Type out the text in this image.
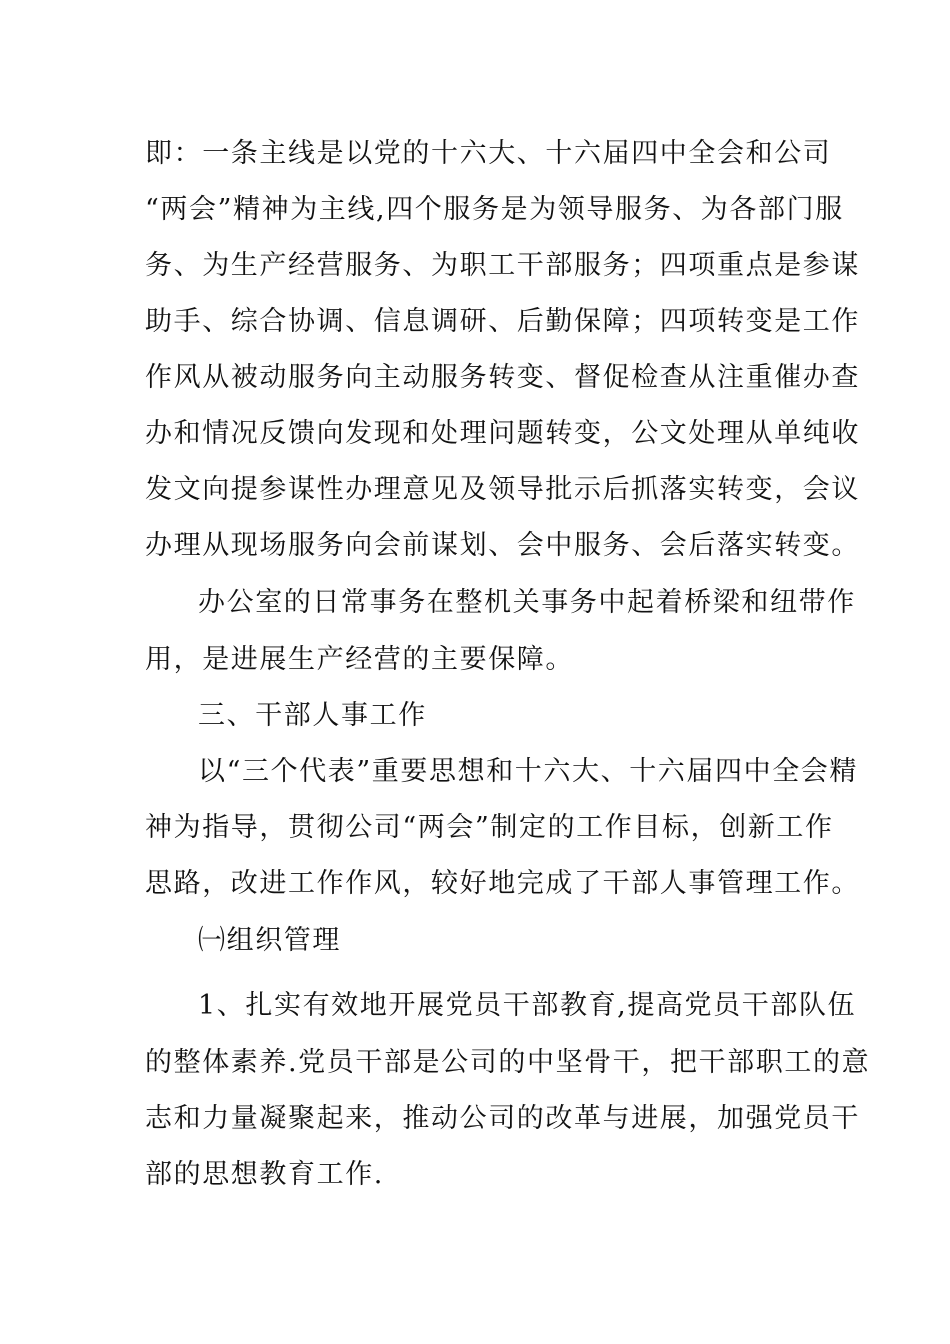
即：一条主线是以党的十六大、十六届四中全会和公司
“两会”精神为主线,四个服务是为领导服务、为各部门服
务、为生产经营服务、为职工干部服务；四项重点是参谋
助手、综合协调、信息调研、后勤保障；四项转变是工作
作风从被动服务向主动服务转变、督促检查从注重催办查
办和情况反馈向发现和处理问题转变，公文处理从单纯收
发文向提参谋性办理意见及领导批示后抓落实转变，会议
办理从现场服务向会前谋划、会中服务、会后落实转变。
办公室的日常事务在整机关事务中起着桥梁和纽带作
用，是进展生产经营的主要保障。
三、干部人事工作
以“三个代表”重要思想和十六大、十六届四中全会精
神为指导，贯彻公司“两会”制定的工作目标，创新工作
思路，改进工作作风，较好地完成了干部人事管理工作。
㈠组织管理
1、扎实有效地开展党员干部教育,提高党员干部队伍
的整体素养.党员干部是公司的中坚骨干，把干部职工的意
志和力量凝聚起来，推动公司的改革与进展，加强党员干
部的思想教育工作.
